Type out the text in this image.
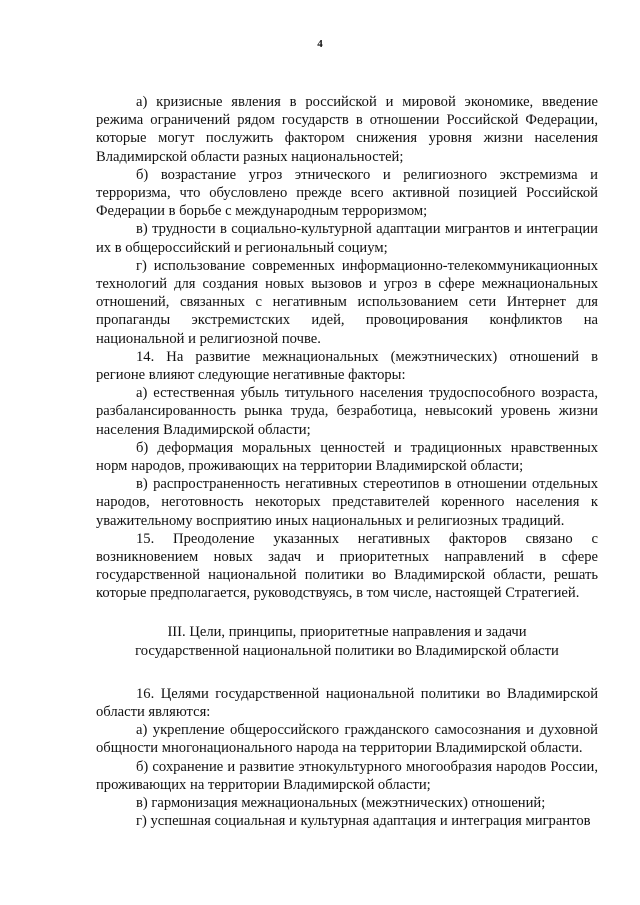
4

а) кризисные явления в российской и мировой экономике, введение режима ограничений рядом государств в отношении Российской Федерации, которые могут послужить фактором снижения уровня жизни населения Владимирской области разных национальностей;

б) возрастание угроз этнического и религиозного экстремизма и терроризма, что обусловлено прежде всего активной позицией Российской Федерации в борьбе с международным терроризмом;

в) трудности в социально-культурной адаптации мигрантов и интеграции их в общероссийский и региональный социум;

г) использование современных информационно-телекоммуникационных технологий для создания новых вызовов и угроз в сфере межнациональных отношений, связанных с негативным использованием сети Интернет для пропаганды экстремистских идей, провоцирования конфликтов на национальной и религиозной почве.

14. На развитие межнациональных (межэтнических) отношений в регионе влияют следующие негативные факторы:

а) естественная убыль титульного населения трудоспособного возраста, разбалансированность рынка труда, безработица, невысокий уровень жизни населения Владимирской области;

б) деформация моральных ценностей и традиционных нравственных норм народов, проживающих на территории Владимирской области;

в) распространенность негативных стереотипов в отношении отдельных народов, неготовность некоторых представителей коренного населения к уважительному восприятию иных национальных и религиозных традиций.

15. Преодоление указанных негативных факторов связано с возникновением новых задач и приоритетных направлений в сфере государственной национальной политики во Владимирской области, решать которые предполагается, руководствуясь, в том числе, настоящей Стратегией.

III. Цели, принципы, приоритетные направления и задачи
государственной национальной политики во Владимирской области

16. Целями государственной национальной политики во Владимирской области являются:

а) укрепление общероссийского гражданского самосознания и духовной общности многонационального народа на территории Владимирской области.

б) сохранение и развитие этнокультурного многообразия народов России, проживающих на территории Владимирской области;

в) гармонизация межнациональных (межэтнических) отношений;

г) успешная социальная и культурная адаптация и интеграция мигрантов
